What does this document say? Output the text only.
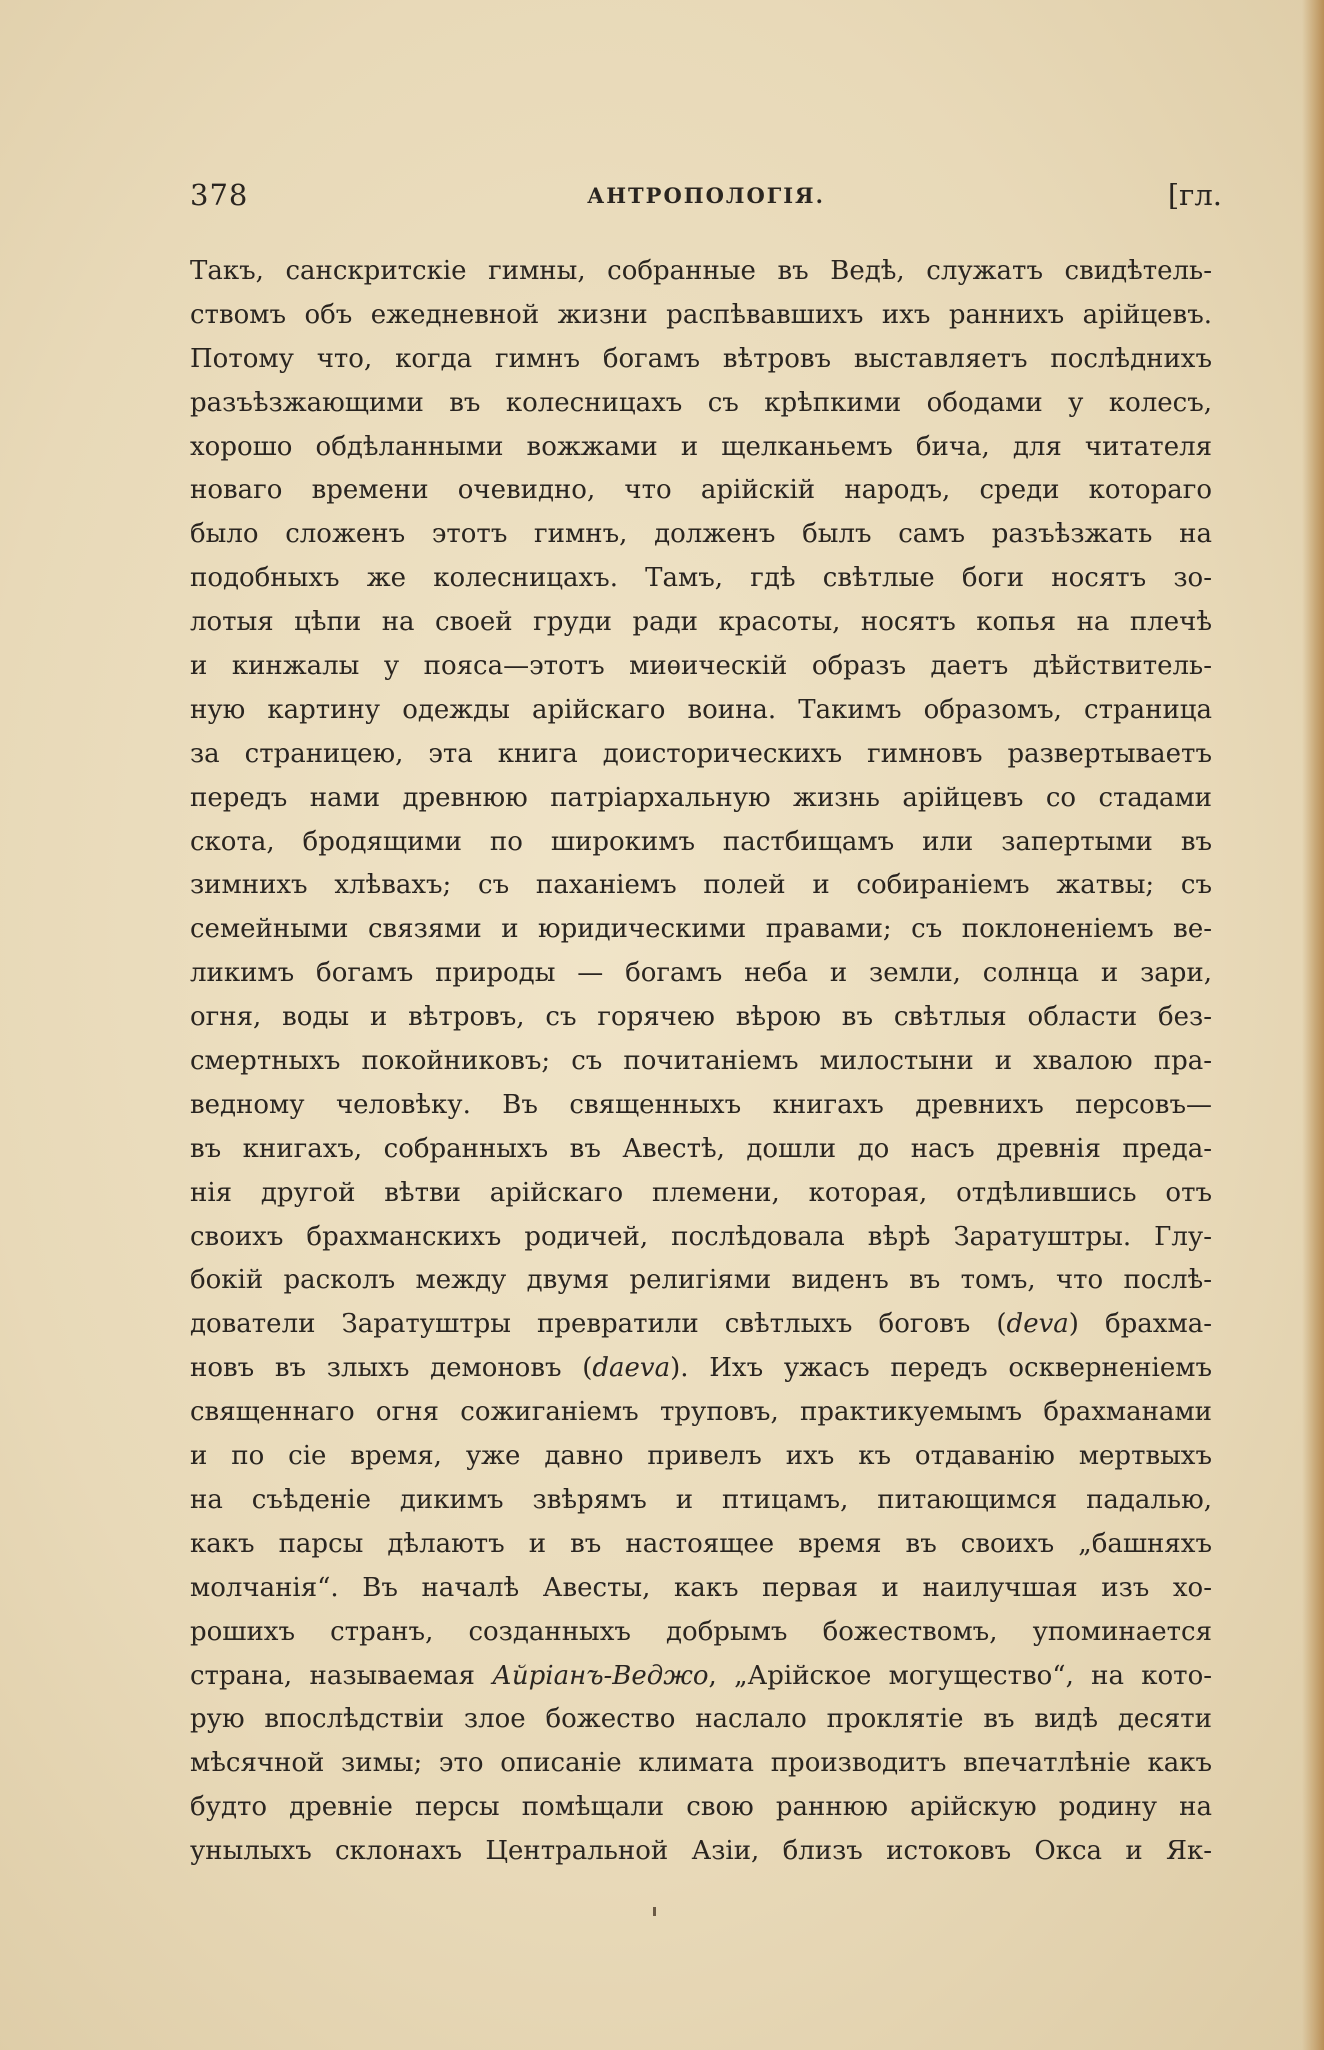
378	АНТРОПОЛОГІЯ.	[гл.
Такъ, санскритскіе гимны, собранные въ Ведѣ, служатъ свидѣтель-
ствомъ объ ежедневной жизни распѣвавшихъ ихъ раннихъ арійцевъ.
Потому что, когда гимнъ богамъ вѣтровъ выставляетъ послѣднихъ
разъѣзжающими въ колесницахъ съ крѣпкими ободами у колесъ,
хорошо обдѣланными вожжами и щелканьемъ бича, для читателя
новаго времени очевидно, что арійскій народъ, среди котораго
было сложенъ этотъ гимнъ, долженъ былъ самъ разъѣзжать на
подобныхъ же колесницахъ. Тамъ, гдѣ свѣтлые боги носятъ зо-
лотыя цѣпи на своей груди ради красоты, носятъ копья на плечѣ
и кинжалы у пояса—этотъ миѳическій образъ даетъ дѣйствитель-
ную картину одежды арійскаго воина. Такимъ образомъ, страница
за страницею, эта книга доисторическихъ гимновъ развертываетъ
передъ нами древнюю патріархальную жизнь арійцевъ со стадами
скота, бродящими по широкимъ пастбищамъ или запертыми въ
зимнихъ хлѣвахъ; съ паханіемъ полей и собираніемъ жатвы; съ
семейными связями и юридическими правами; съ поклоненіемъ ве-
ликимъ богамъ природы — богамъ неба и земли, солнца и зари,
огня, воды и вѣтровъ, съ горячею вѣрою въ свѣтлыя области без-
смертныхъ покойниковъ; съ почитаніемъ милостыни и хвалою пра-
ведному человѣку. Въ священныхъ книгахъ древнихъ персовъ—
въ книгахъ, собранныхъ въ Авестѣ, дошли до насъ древнія преда-
нія другой вѣтви арійскаго племени, которая, отдѣлившись отъ
своихъ брахманскихъ родичей, послѣдовала вѣрѣ Заратуштры. Глу-
бокій расколъ между двумя религіями виденъ въ томъ, что послѣ-
дователи Заратуштры превратили свѣтлыхъ боговъ (deva) брахма-
новъ въ злыхъ демоновъ (daeva). Ихъ ужасъ передъ оскверненіемъ
священнаго огня сожиганіемъ труповъ, практикуемымъ брахманами
и по сіе время, уже давно привелъ ихъ къ отдаванію мертвыхъ
на съѣденіе дикимъ звѣрямъ и птицамъ, питающимся падалью,
какъ парсы дѣлаютъ и въ настоящее время въ своихъ „башняхъ
молчанія“. Въ началѣ Авесты, какъ первая и наилучшая изъ хо-
рошихъ странъ, созданныхъ добрымъ божествомъ, упоминается
страна, называемая Айріанъ-Веджо, „Арійское могущество“, на кото-
рую впослѣдствіи злое божество наслало проклятіе въ видѣ десяти
мѣсячной зимы; это описаніе климата производитъ впечатлѣніе какъ
будто древніе персы помѣщали свою раннюю арійскую родину на
унылыхъ склонахъ Центральной Азіи, близъ истоковъ Окса и Як-
